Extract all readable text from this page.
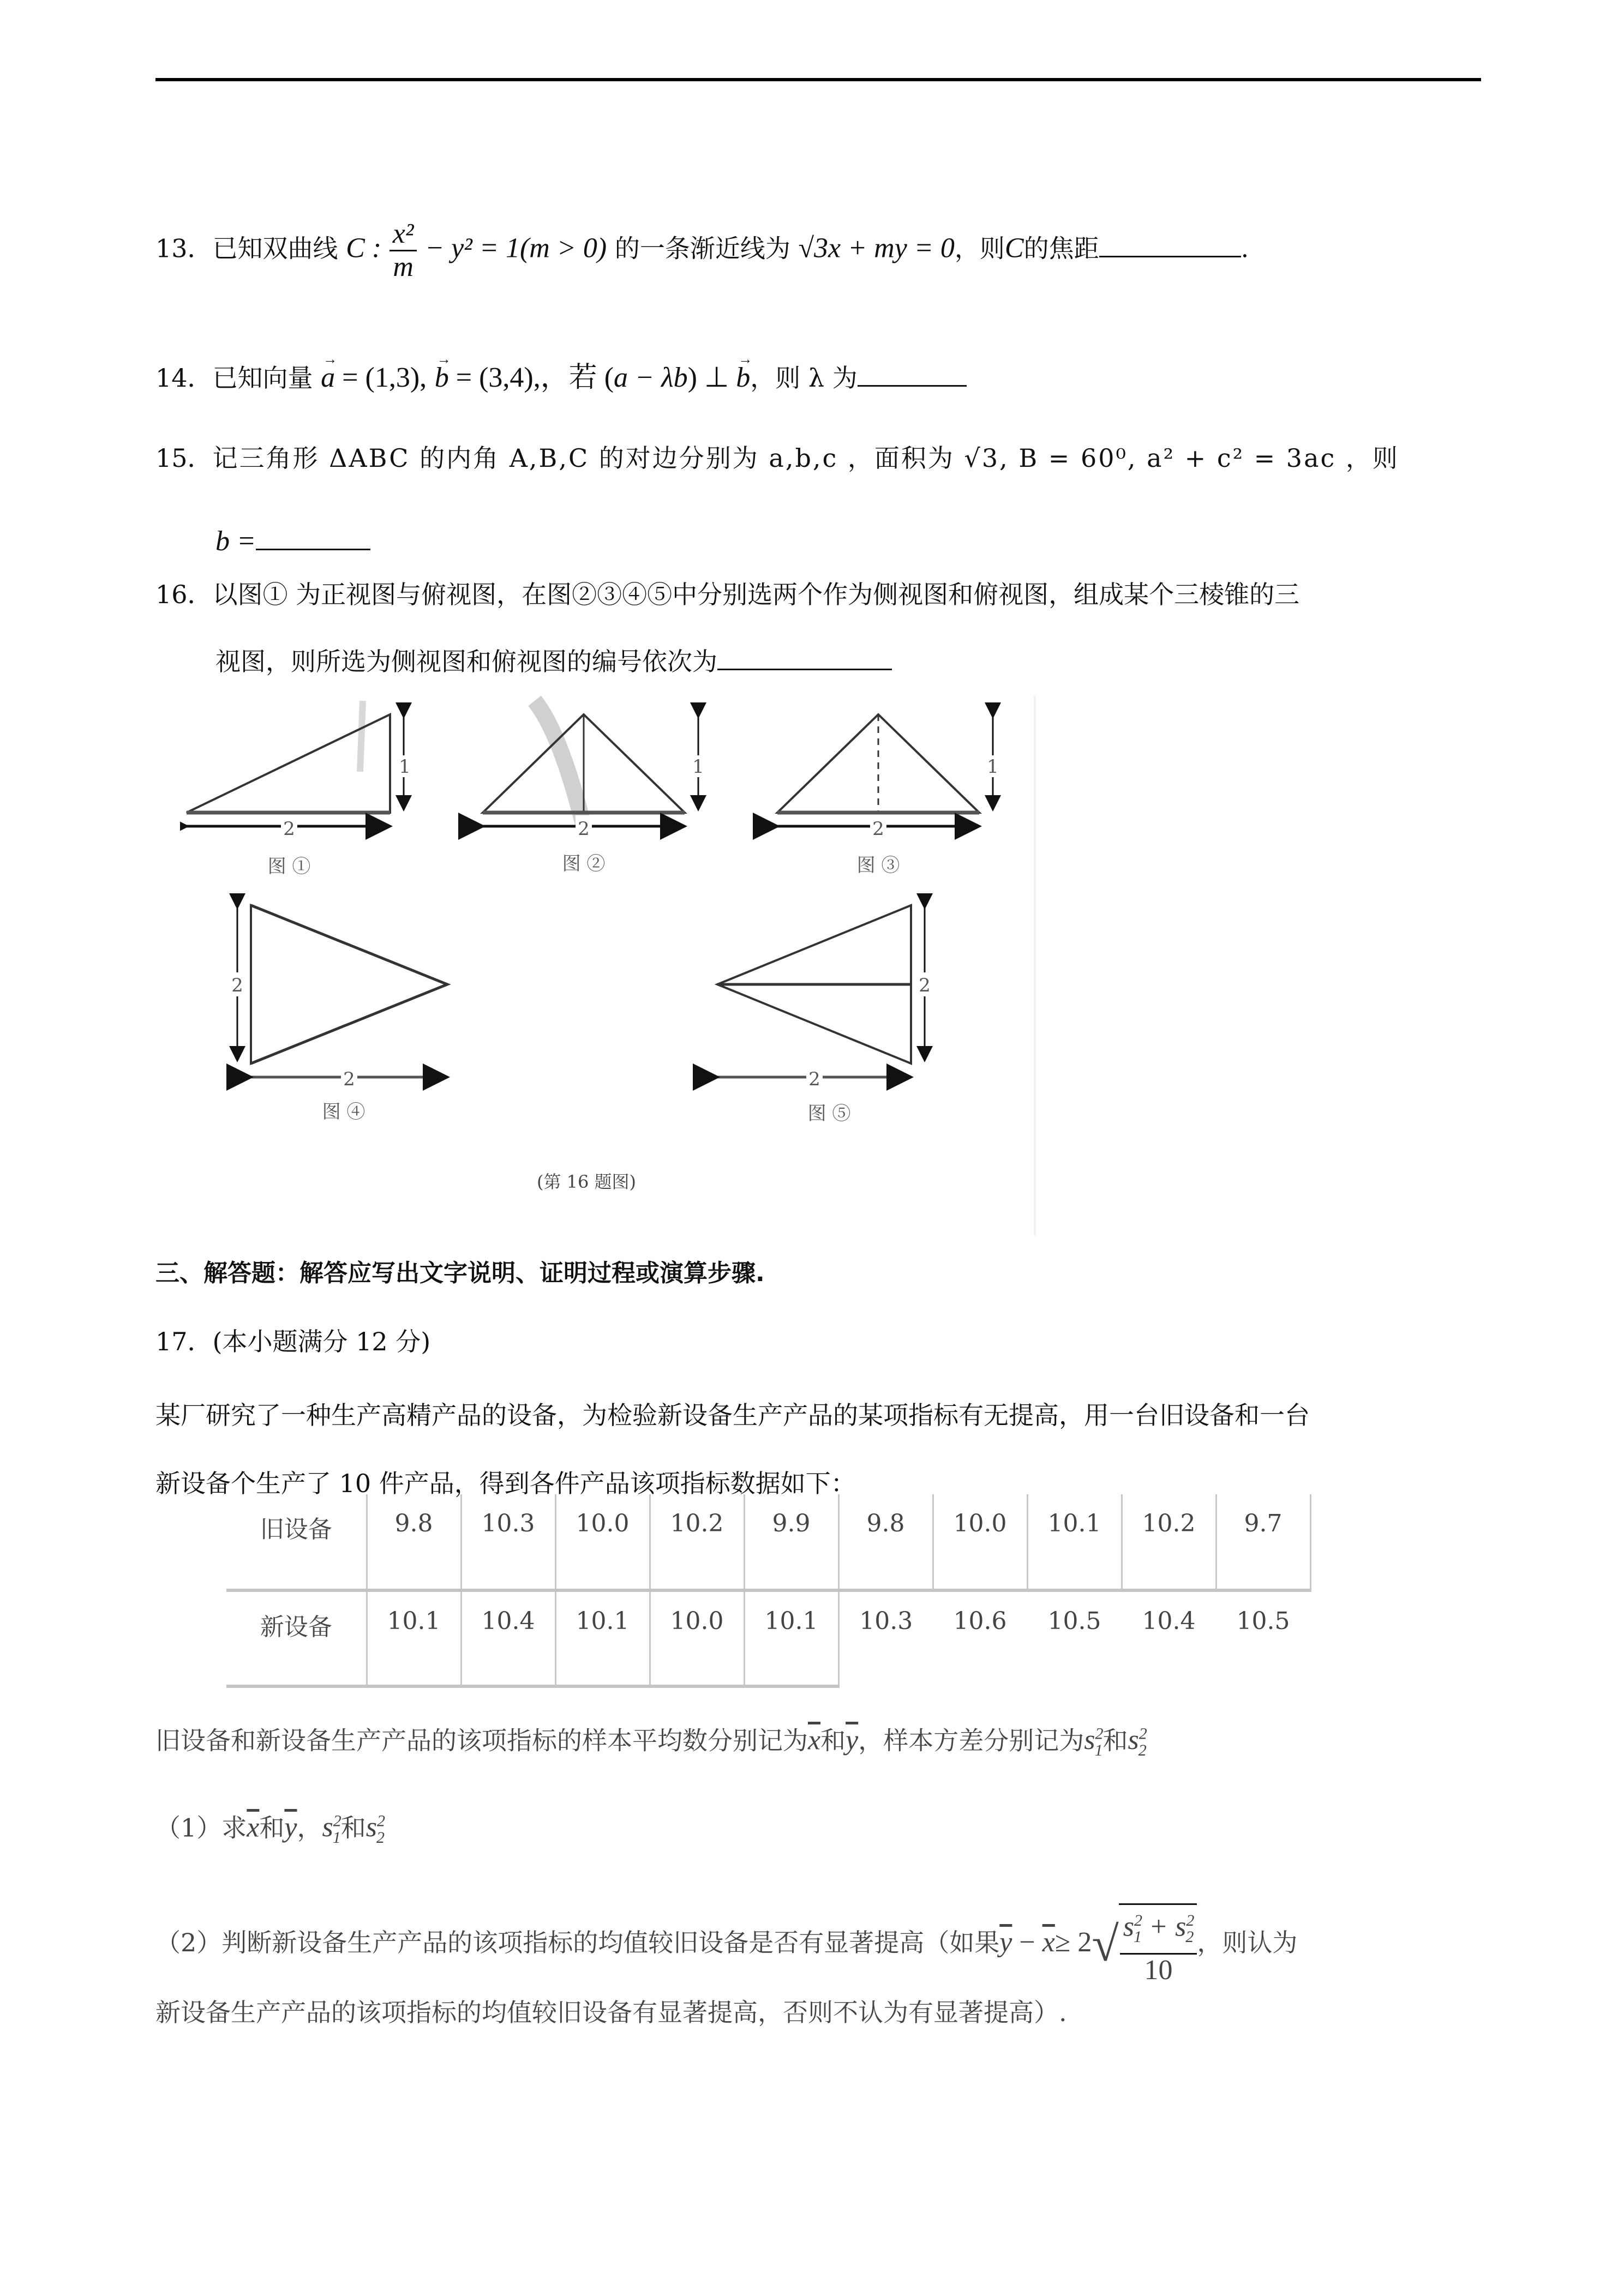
13．已知双曲线 C : $\frac{\text{x²}}{m} - y^2 = 1(m > 0)$ 的一条渐近线为 √3x + my = 0，则C的焦距	.
14．已知向量 → a = (1,3), → b = (3,4),，若 (a − λb) ⊥ → b，则 λ 为
15．记三角形 ΔABC 的内角 A,B,C 的对边分别为 a,b,c ，面积为 √3, B = 60⁰, a² + c² = 3ac ，则
b =
16．以图① 为正视图与俯视图，在图②③④⑤中分别选两个作为侧视图和俯视图，组成某个三棱锥的三
视图，则所选为侧视图和俯视图的编号依次为
2
1
图 ①
2
1
图 ②
2
1
图 ③
2
2
图 ④
2
2
图 ⑤
(第 16 题图)
三、解答题：解答应写出文字说明、证明过程或演算步骤.
17．(本小题满分 12 分)
某厂研究了一种生产高精产品的设备，为检验新设备生产产品的某项指标有无提高，用一台旧设备和一台
新设备个生产了 10 件产品，得到各件产品该项指标数据如下：
旧设备	9.8	10.3	10.0	10.2	9.9	9.8	10.0	10.1	10.2	9.7
新设备	10.1	10.4	10.1	10.0	10.1	10.3	10.6	10.5	10.4	10.5
旧设备和新设备生产产品的该项指标的样本平均数分别记为$\overline{x}$和$\overline{y}$，样本方差分别记为$s^2_1$和$s^2_2$
（1）求$\overline{x}$和$\overline{y}$，$s^2_1$和$s^2_2$
（2）判断新设备生产产品的该项指标的均值较旧设备是否有显著提高（如果$\overline{y} - \overline{x}\ge 2√ \frac{s^2_1 + s^2_2}{10}$ ，则认为
新设备生产产品的该项指标的均值较旧设备有显著提高，否则不认为有显著提高）.
